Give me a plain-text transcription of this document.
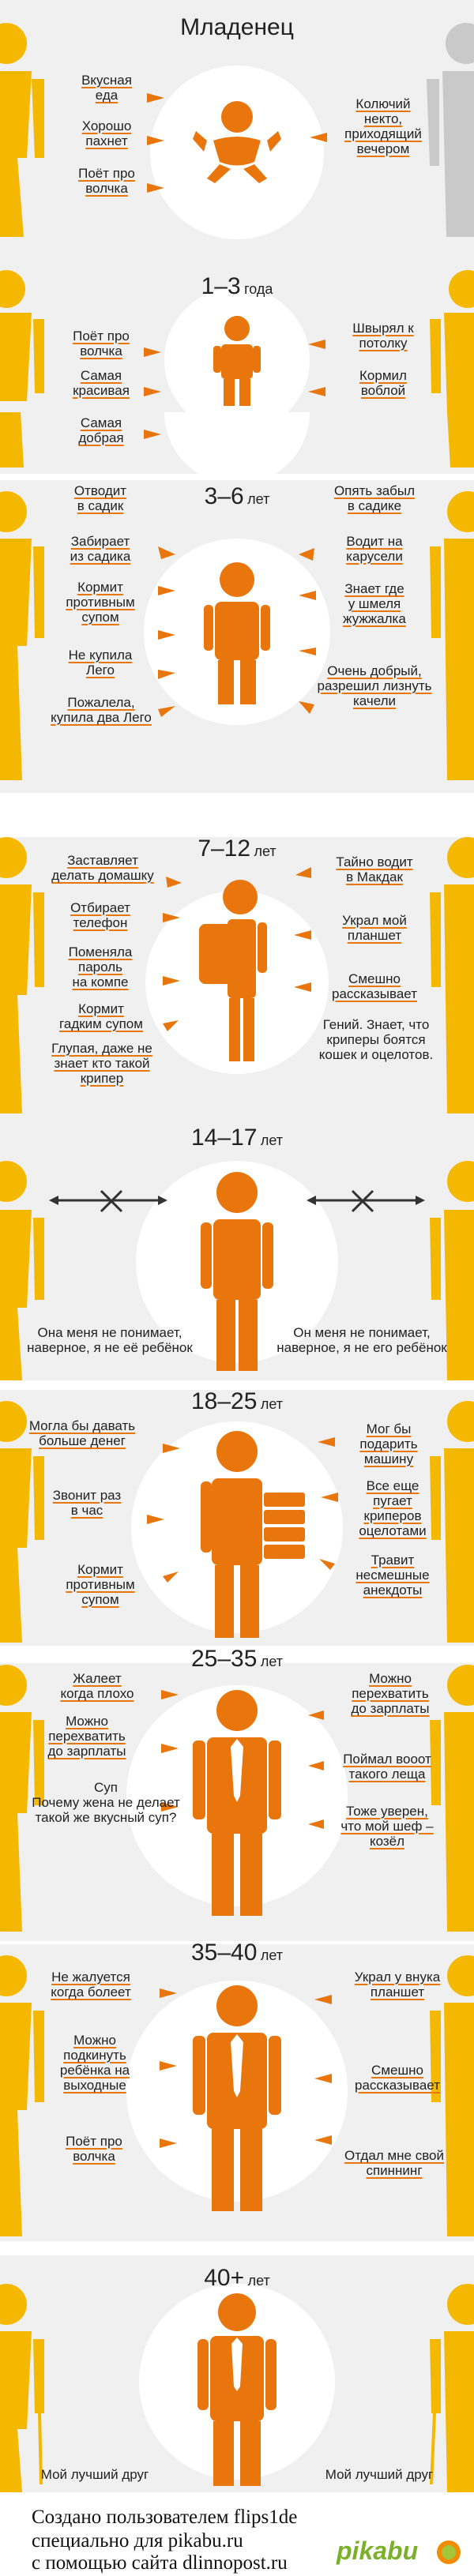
Младенец
Вкусная
еда
Хорошо
пахнет
Поёт про
волчка
Колючий
некто,
приходящий
вечером
1–3 года
Поёт про
волчка
Самая
красивая
Швырял к
потолку
Кормил
воблой
Самая
добрая
3–6 лет
Отводит
в садик
Забирает
из садика
Кормит
противным
супом
Не купила
Лего
Пожалела,
купила два Лего
Опять забыл
в садике
Водит на
карусели
Знает где
у шмеля
жужжалка
Очень добрый,
разрешил лизнуть
качели
7–12 лет
Заставляет
делать домашку
Отбирает
телефон
Поменяла
пароль
на компе
Кормит
гадким супом
Глупая, даже не
знает кто такой
крипер
Тайно водит
в Макдак
Украл мой
планшет
Смешно
рассказывает
Гений. Знает, что
криперы боятся
кошек и оцелотов.
14–17 лет
Она меня не понимает,
наверное, я не её ребёнок
Он меня не понимает,
наверное, я не его ребёнок
18–25 лет
Могла бы давать
больше денег
Звонит раз
в час
Кормит
противным
супом
Мог бы
подарить
машину
Все еще
пугает
криперов
оцелотами
Травит
несмешные
анекдоты
25–35 лет
Жалеет
когда плохо
Можно
перехватить
до зарплаты
Суп
Почему жена не делает
такой же вкусный суп?
Можно
перехватить
до зарплаты
Поймал вооот
такого леща
Тоже уверен,
что мой шеф –
козёл
35–40 лет
Не жалуется
когда болеет
Можно
подкинуть
ребёнка на
выходные
Поёт про
волчка
Украл у внука
планшет
Смешно
рассказывает
Отдал мне свой
спиннинг
40+ лет
Мой лучший друг	Мой лучший друг
Создано пользователем flips1de
специально для pikabu.ru
с помощью сайта dlinnopost.ru pikabu
